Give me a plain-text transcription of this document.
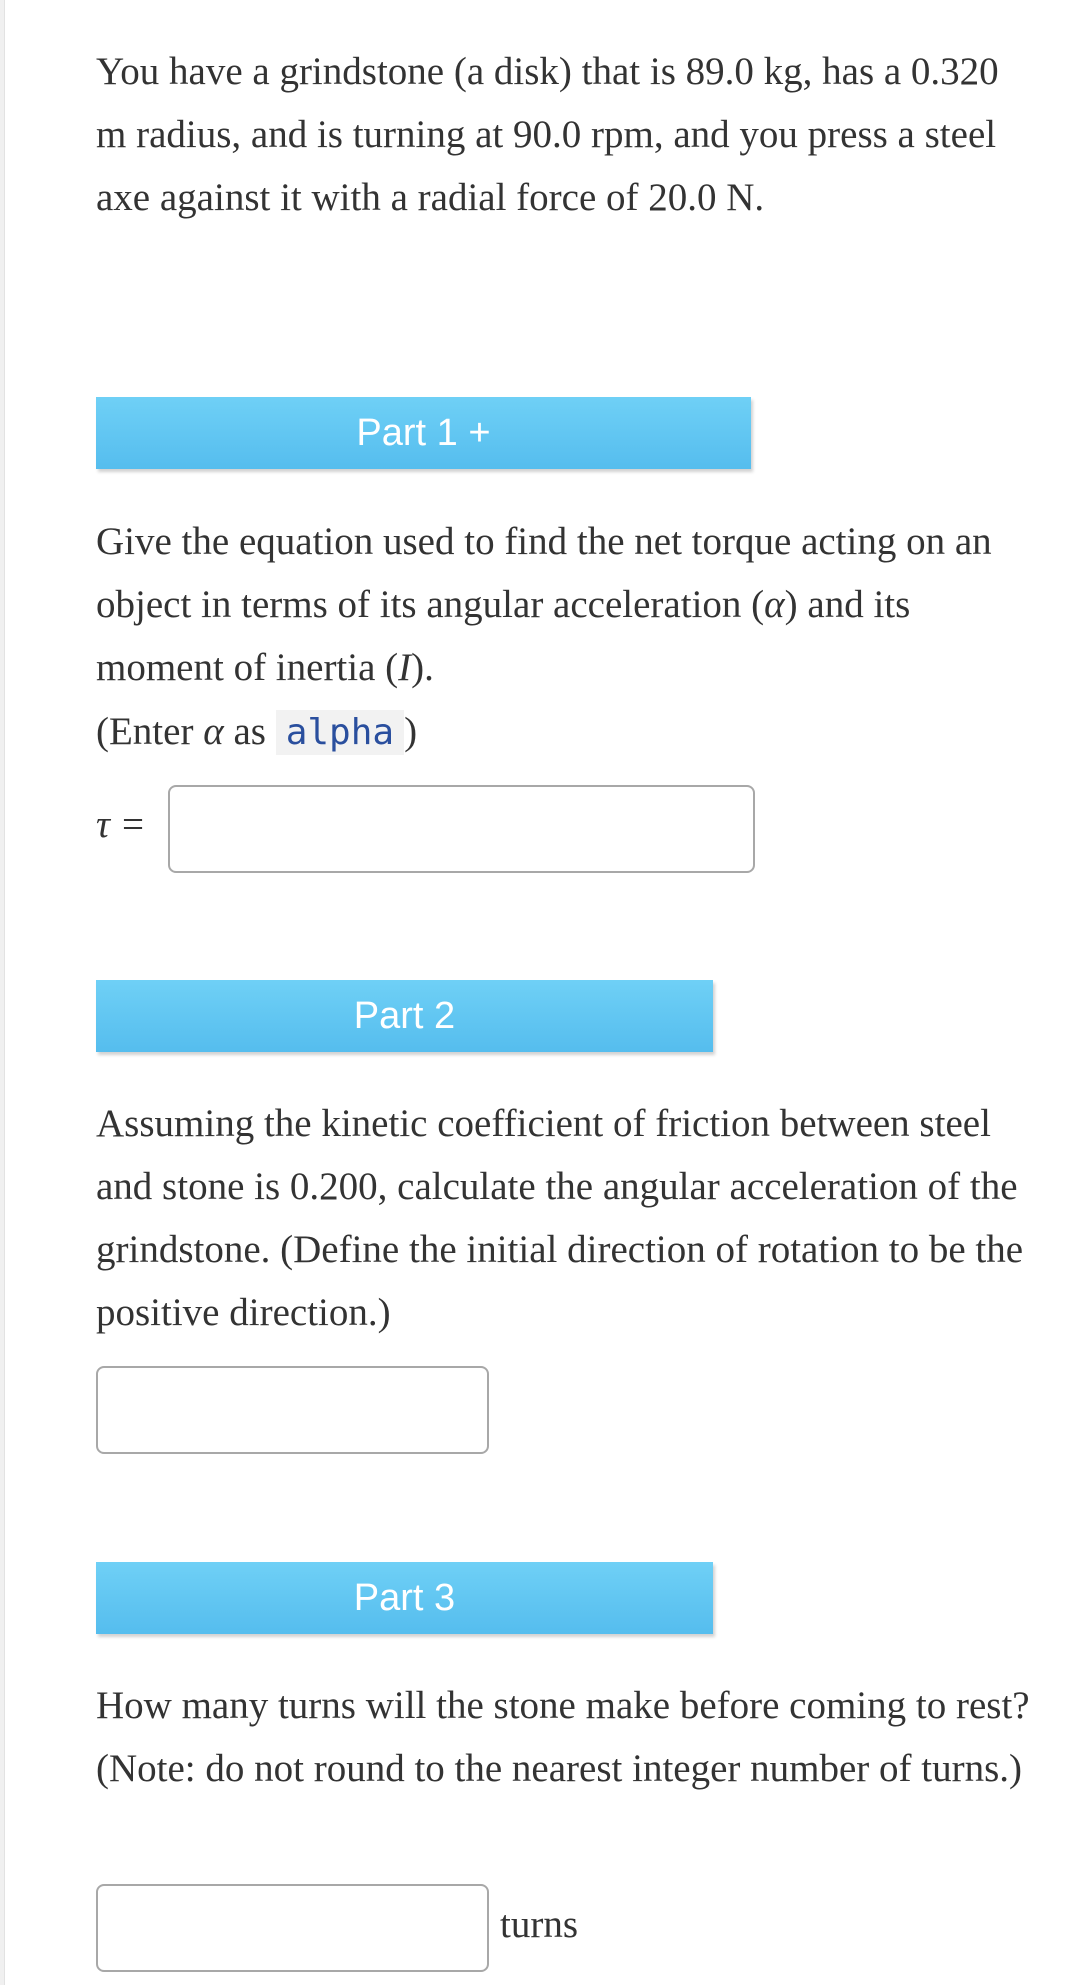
You have a grindstone (a disk) that is 89.0 kg, has a 0.320 m radius, and is turning at 90.0 rpm, and you press a steel axe against it with a radial force of 20.0 N.

Part 1 +

Give the equation used to find the net torque acting on an object in terms of its angular acceleration (α) and its moment of inertia (I).

(Enter α as alpha )

τ =
Part 2

Assuming the kinetic coefficient of friction between steel and stone is 0.200, calculate the angular acceleration of the grindstone. (Define the initial direction of rotation to be the positive direction.)

Part 3

How many turns will the stone make before coming to rest? (Note: do not round to the nearest integer number of turns.)

turns
